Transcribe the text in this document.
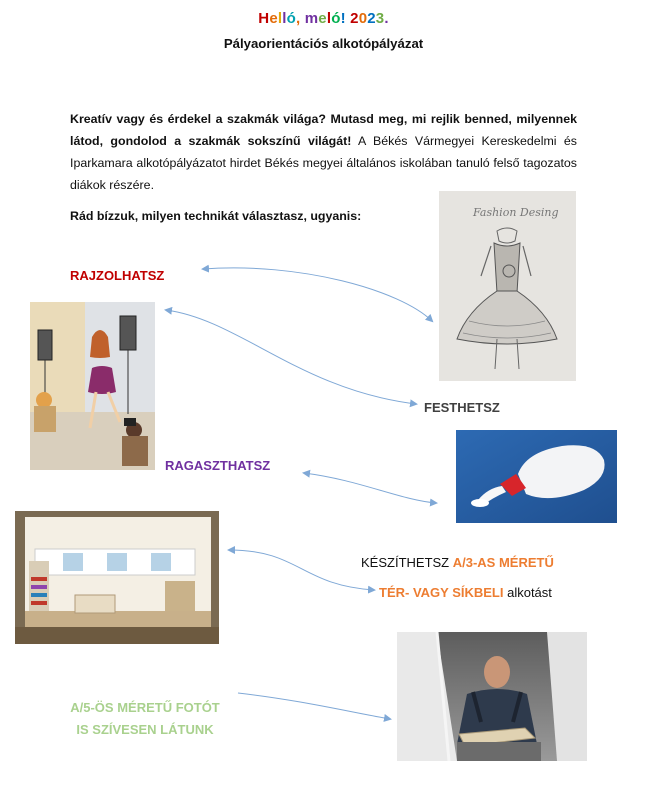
Helló, meló! 2023.
Pályaorientációs alkotópályázat
Kreatív vagy és érdekel a szakmák világa? Mutasd meg, mi rejlik benned, milyennek látod, gondolod a szakmák sokszínű világát! A Békés Vármegyei Kereskedelmi és Iparkamara alkotópályázatot hirdet Békés megyei általános iskolában tanuló felső tagozatos diákok részére.
Rád bízzuk, milyen technikát választasz, ugyanis:
RAJZOLHATSZ
FESTHETSZ
RAGASZTHATSZ
KÉSZÍTHETSZ A/3-AS MÉRETŰ
TÉR- VAGY SÍKBELI alkotást
A/5-ÖS MÉRETŰ FOTÓT
IS SZÍVESEN LÁTUNK
Fashion Desing
